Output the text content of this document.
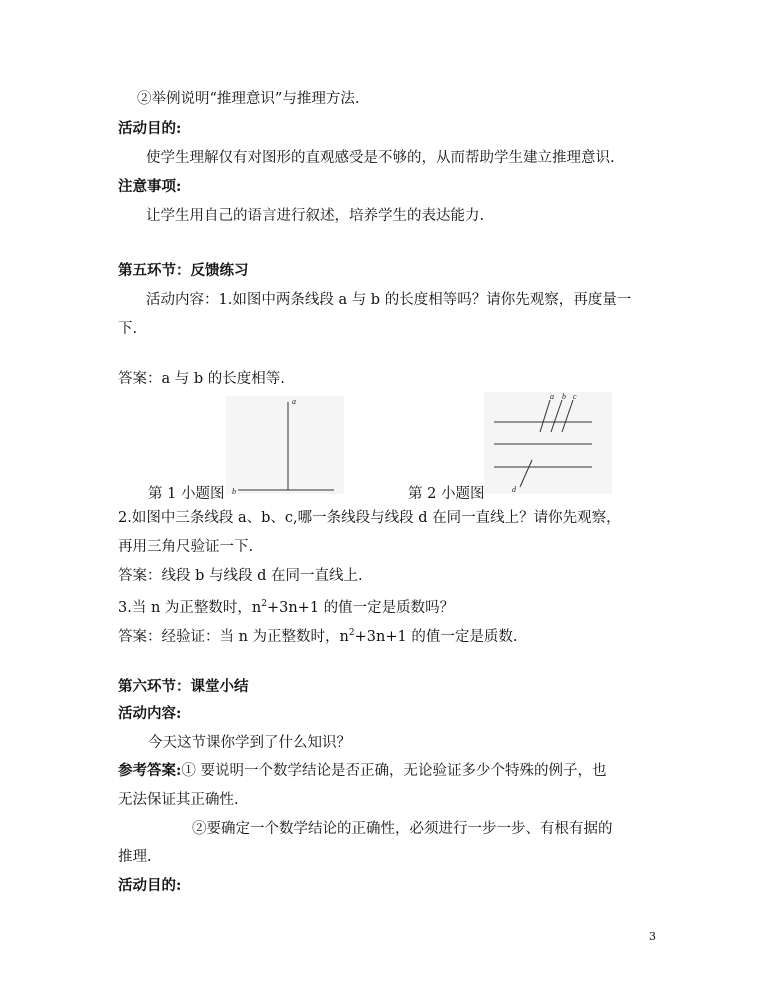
②举例说明“推理意识”与推理方法.
活动目的:
使学生理解仅有对图形的直观感受是不够的，从而帮助学生建立推理意识.
注意事项:
让学生用自己的语言进行叙述，培养学生的表达能力.
第五环节：反馈练习
活动内容：1.如图中两条线段 a 与 b 的长度相等吗？请你先观察，再度量一
下.
答案：a 与 b 的长度相等.
a
b
第 1 小题图
a b c
d
第 2 小题图
2.如图中三条线段 a、b、c,哪一条线段与线段 d 在同一直线上？请你先观察，
再用三角尺验证一下.
答案：线段 b 与线段 d 在同一直线上.
3.当 n 为正整数时，$n^2+3n+1$ 的值一定是质数吗？
答案：经验证：当 n 为正整数时，$n^2+3n+1$ 的值一定是质数.
第六环节：课堂小结
活动内容:
今天这节课你学到了什么知识？
参考答案:① 要说明一个数学结论是否正确，无论验证多少个特殊的例子，也
无法保证其正确性.
②要确定一个数学结论的正确性，必须进行一步一步、有根有据的
推理.
活动目的:
3
